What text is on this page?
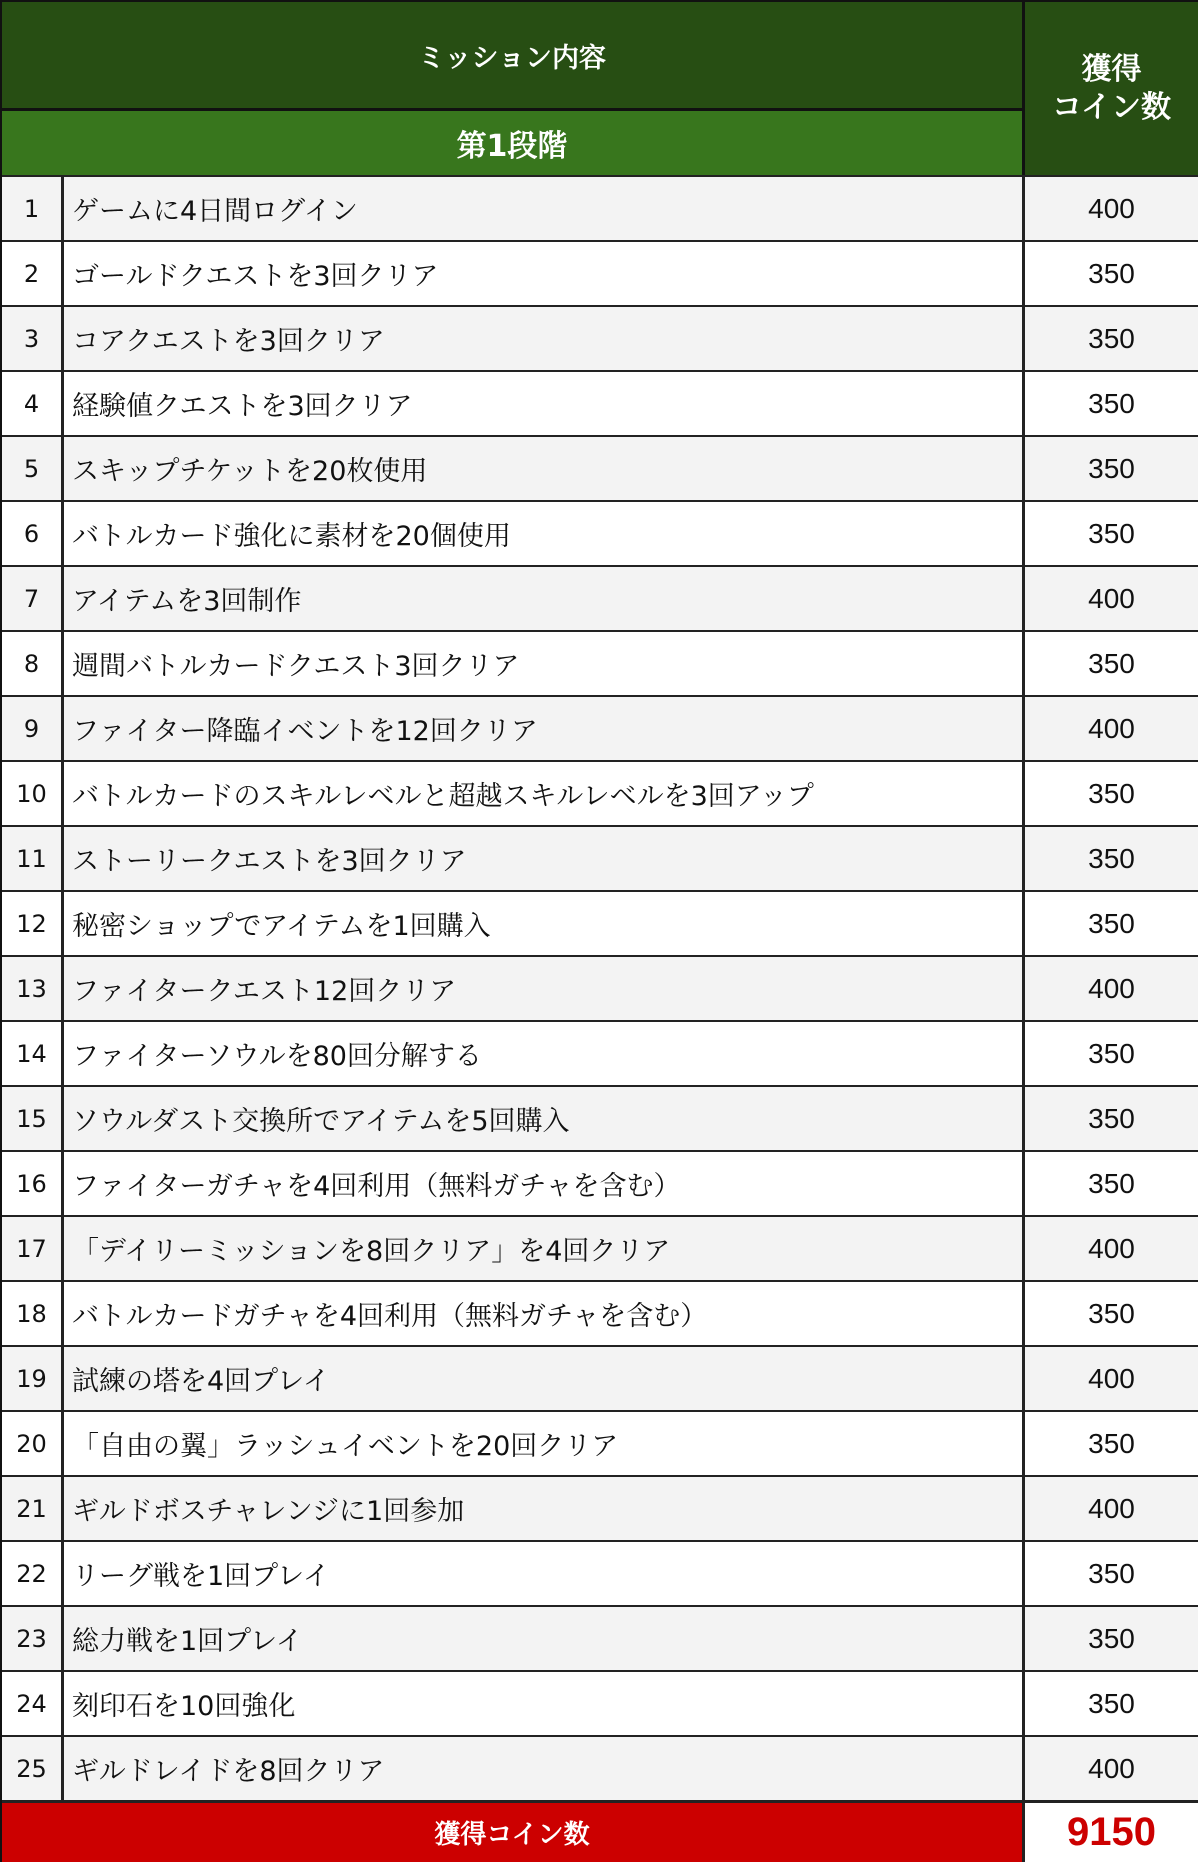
ミッション内容
第1段階
獲得
コイン数
1	ゲームに4日間ログイン	400
2	ゴールドクエストを3回クリア	350
3	コアクエストを3回クリア	350
4	経験値クエストを3回クリア	350
5	スキップチケットを20枚使用	350
6	バトルカード強化に素材を20個使用	350
7	アイテムを3回制作	400
8	週間バトルカードクエスト3回クリア	350
9	ファイター降臨イベントを12回クリア	400
10 バトルカードのスキルレベルと超越スキルレベルを3回アップ	350
11 ストーリークエストを3回クリア	350
12 秘密ショップでアイテムを1回購入	350
13 ファイタークエスト12回クリア	400
14 ファイターソウルを80回分解する	350
15 ソウルダスト交換所でアイテムを5回購入	350
16 ファイターガチャを4回利用（無料ガチャを含む）	350
17 「デイリーミッションを8回クリア」を4回クリア	400
18 バトルカードガチャを4回利用（無料ガチャを含む）	350
19 試練の塔を4回プレイ	400
20 「自由の翼」ラッシュイベントを20回クリア	350
21 ギルドボスチャレンジに1回参加	400
22 リーグ戦を1回プレイ	350
23 総力戦を1回プレイ	350
24 刻印石を10回強化	350
25 ギルドレイドを8回クリア	400
獲得コイン数	9150
